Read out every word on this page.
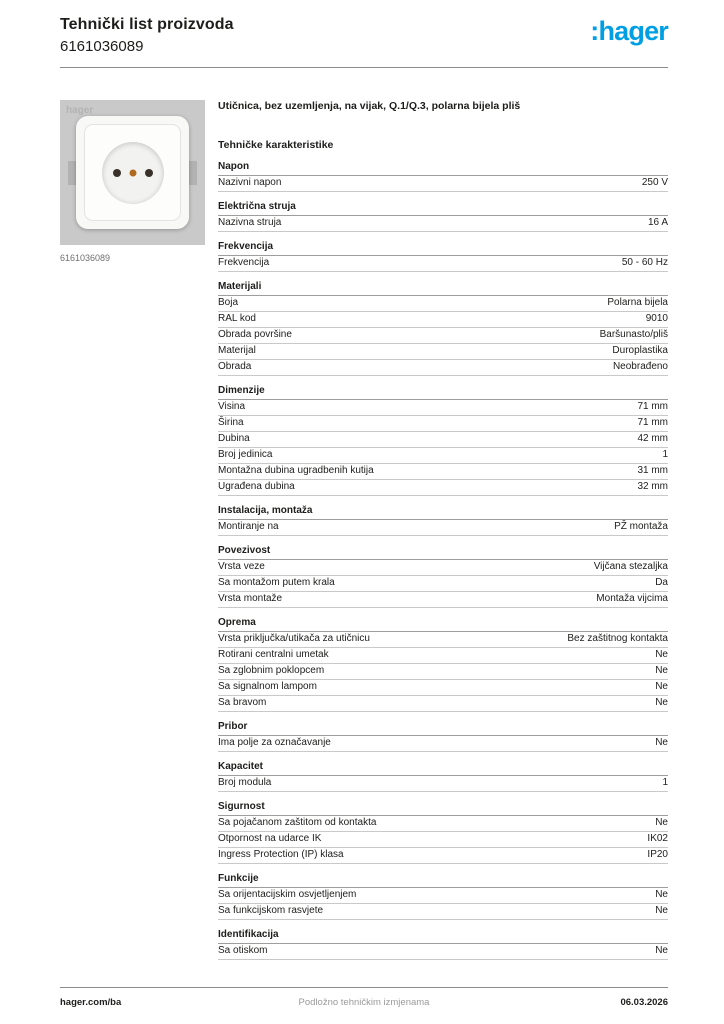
Tehnički list proizvoda
6161036089
:hager
hager
6161036089
Utičnica, bez uzemljenja, na vijak, Q.1/Q.3, polarna bijela pliš
Tehničke karakteristike
Napon
Nazivni napon	250 V
Električna struja
Nazivna struja	16 A
Frekvencija
Frekvencija	50 - 60 Hz
Materijali
Boja	Polarna bijela
RAL kod	9010
Obrada površine	Baršunasto/pliš
Materijal	Duroplastika
Obrada	Neobrađeno
Dimenzije
Visina	71 mm
Širina	71 mm
Dubina	42 mm
Broj jedinica	1
Montažna dubina ugradbenih kutija	31 mm
Ugrađena dubina	32 mm
Instalacija, montaža
Montiranje na	PŽ montaža
Povezivost
Vrsta veze	Vijčana stezaljka
Sa montažom putem krala	Da
Vrsta montaže	Montaža vijcima
Oprema
Vrsta priključka/utikača za utičnicu	Bez zaštitnog kontakta
Rotirani centralni umetak	Ne
Sa zglobnim poklopcem	Ne
Sa signalnom lampom	Ne
Sa bravom	Ne
Pribor
Ima polje za označavanje	Ne
Kapacitet
Broj modula	1
Sigurnost
Sa pojačanom zaštitom od kontakta	Ne
Otpornost na udarce IK	IK02
Ingress Protection (IP) klasa	IP20
Funkcije
Sa orijentacijskim osvjetljenjem	Ne
Sa funkcijskom rasvjete	Ne
Identifikacija
Sa otiskom	Ne
hager.com/ba	Podložno tehničkim izmjenama	06.03.2026
